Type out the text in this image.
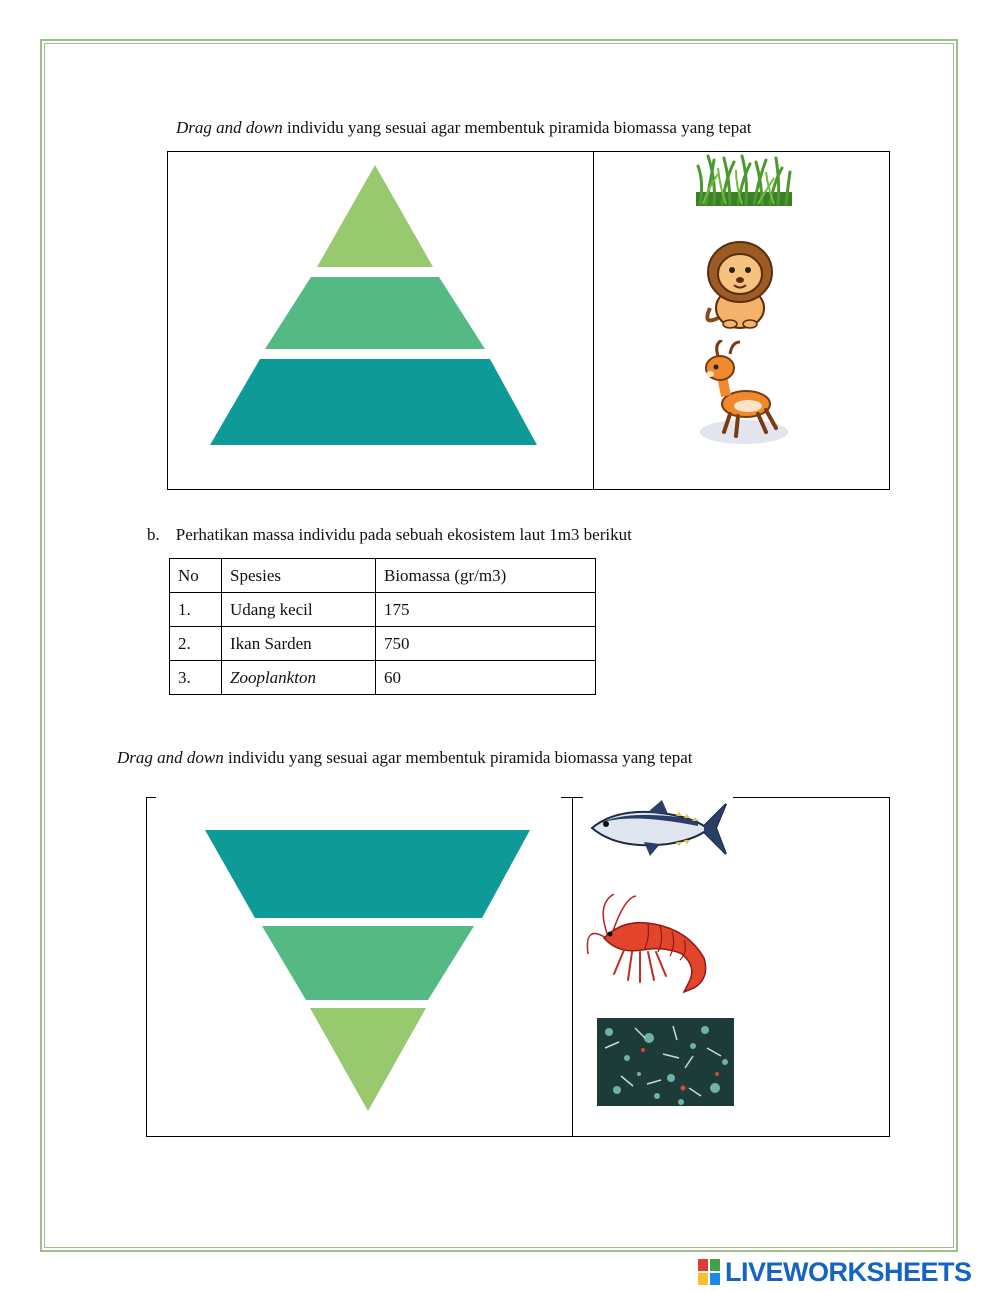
Drag and down individu yang sesuai agar membentuk piramida biomassa yang tepat
b. Perhatikan massa individu pada sebuah ekosistem laut 1m3 berikut
No	Spesies	Biomassa (gr/m3)
1.	Udang kecil	175
2.	Ikan Sarden	750
3.	Zooplankton	60
Drag and down individu yang sesuai agar membentuk piramida biomassa yang tepat
LIVEWORKSHEETS
